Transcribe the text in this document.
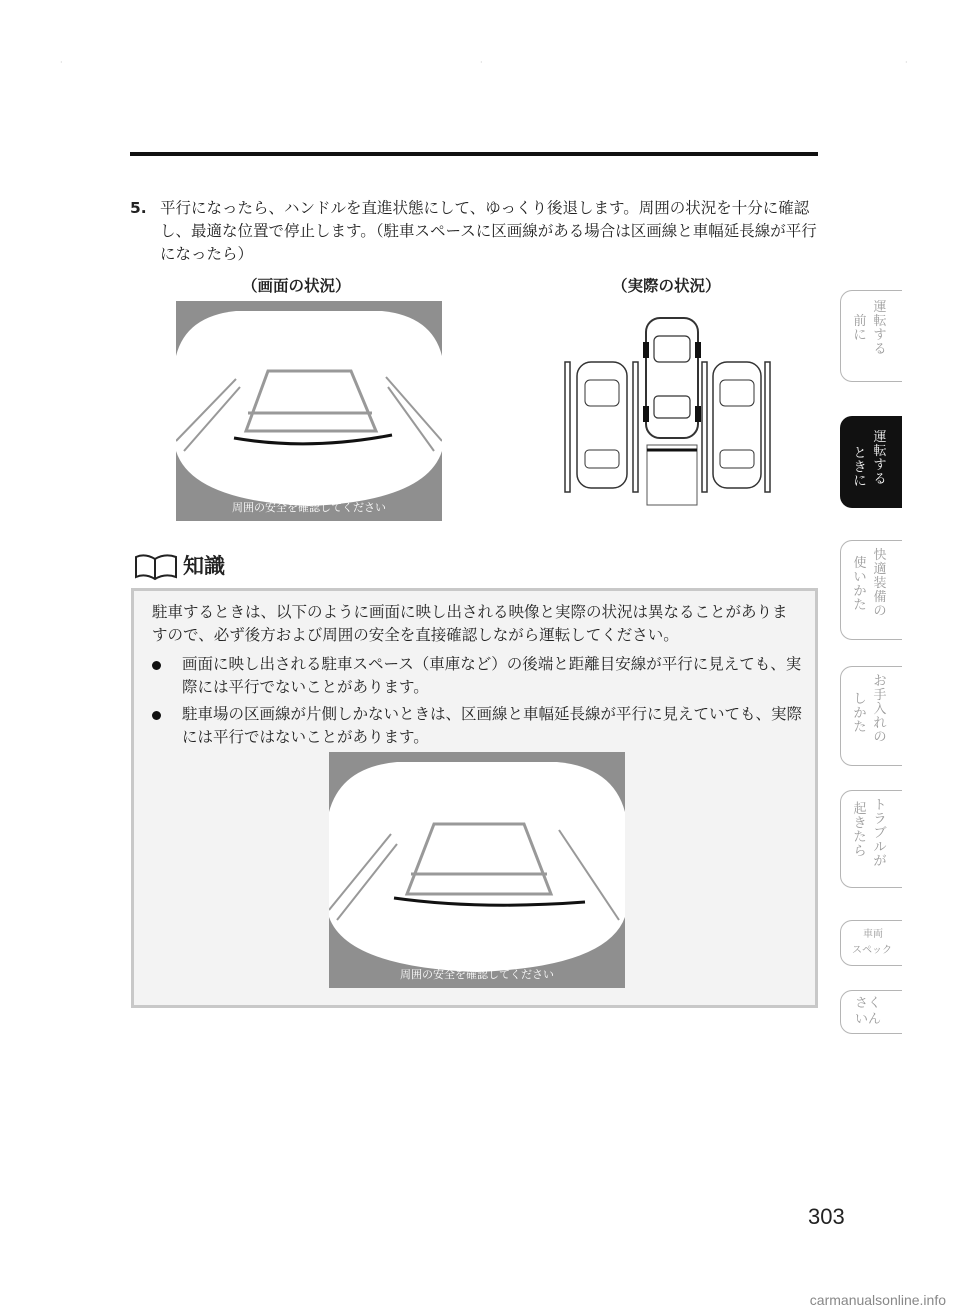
·	·	·
5. 平行になったら、ハンドルを直進状態にして、ゆっくり後退します。周囲の状況を十分に確認し、最適な位置で停止します。（駐車スペースに区画線がある場合は区画線と車幅延長線が平行になったら）
（画面の状況）	（実際の状況）
周囲の安全を確認してください
知識
駐車するときは、以下のように画面に映し出される映像と実際の状況は異なることがありますので、必ず後方および周囲の安全を直接確認しながら運転してください。
画面に映し出される駐車スペース（車庫など）の後端と距離目安線が平行に見えても、実際には平行でないことがあります。
駐車場の区画線が片側しかないときは、区画線と車幅延長線が平行に見えていても、実際には平行ではないことがあります。
周囲の安全を確認してください
運転する
前に
運転する
ときに
快適装備の
使いかた
お手入れの
しかた
トラブルが
起きたら
車両
スペック
さく
いん
303
carmanualsonline.info
